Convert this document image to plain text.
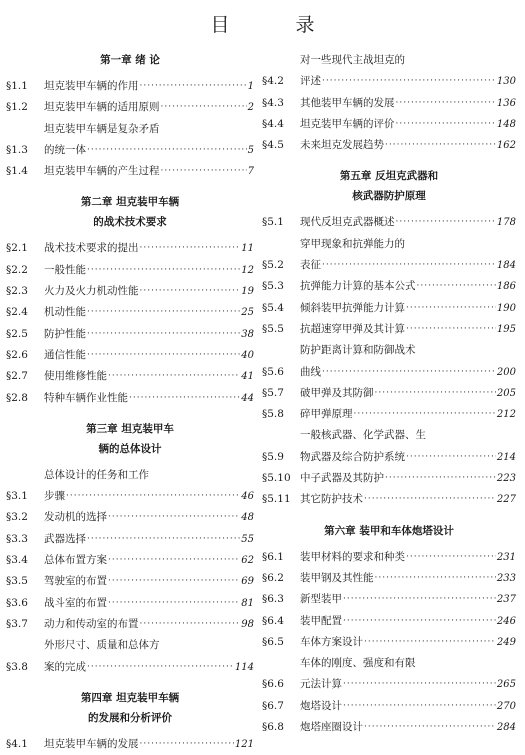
目 录
第一章 绪 论
§1.1	坦克装甲车辆的作用 ·····	1
§1.2	坦克装甲车辆的适用原则 ·····	2
§1.3
坦克装甲车辆是复杂矛盾
的统一体 ·····	5
§1.4	坦克装甲车辆的产生过程 ·····	7
第二章 坦克装甲车辆
的战术技术要求
§2.1	战术技术要求的提出 ·····	11
§2.2	一般性能 ·····	12
§2.3	火力及火力机动性能 ·····	19
§2.4	机动性能 ·····	25
§2.5	防护性能 ·····	38
§2.6	通信性能 ·····	40
§2.7	使用维修性能 ·····	41
§2.8	特种车辆作业性能 ·····	44
第三章 坦克装甲车
辆的总体设计
§3.1
总体设计的任务和工作
步骤 ·····	46
§3.2	发动机的选择 ·····	48
§3.3	武器选择 ·····	55
§3.4	总体布置方案 ·····	62
§3.5	驾驶室的布置 ·····	69
§3.6	战斗室的布置 ·····	81
§3.7	动力和传动室的布置 ·····	98
§3.8
外形尺寸、质量和总体方
案的完成 ·····	114
第四章 坦克装甲车辆
的发展和分析评价
§4.1	坦克装甲车辆的发展 ·····	121
§4.2
对一些现代主战坦克的
评述 ·····	130
§4.3	其他装甲车辆的发展 ·····	136
§4.4	坦克装甲车辆的评价 ·····	148
§4.5	未来坦克发展趋势 ·····	162
第五章 反坦克武器和
核武器防护原理
§5.1	现代反坦克武器概述 ·····	178
§5.2
穿甲现象和抗弹能力的
表征 ·····	184
§5.3	抗弹能力计算的基本公式 ·····	186
§5.4	倾斜装甲抗弹能力计算 ·····	190
§5.5	抗超速穿甲弹及其计算 ·····	195
§5.6
防护距离计算和防御战术
曲线 ·····	200
§5.7	破甲弹及其防御 ·····	205
§5.8	碎甲弹原理 ·····	212
§5.9
一般核武器、化学武器、生
物武器及综合防护系统 ·····	214
§5.10 中子武器及其防护 ·····	223
§5.11 其它防护技术 ·····	227
第六章 装甲和车体炮塔设计
§6.1	装甲材料的要求和种类 ·····	231
§6.2	装甲钢及其性能 ·····	233
§6.3	新型装甲 ·····	237
§6.4	装甲配置 ·····	246
§6.5	车体方案设计 ·····	249
§6.6
车体的刚度、强度和有限
元法计算 ·····	265
§6.7	炮塔设计 ·····	270
§6.8	炮塔座圈设计 ·····	284
